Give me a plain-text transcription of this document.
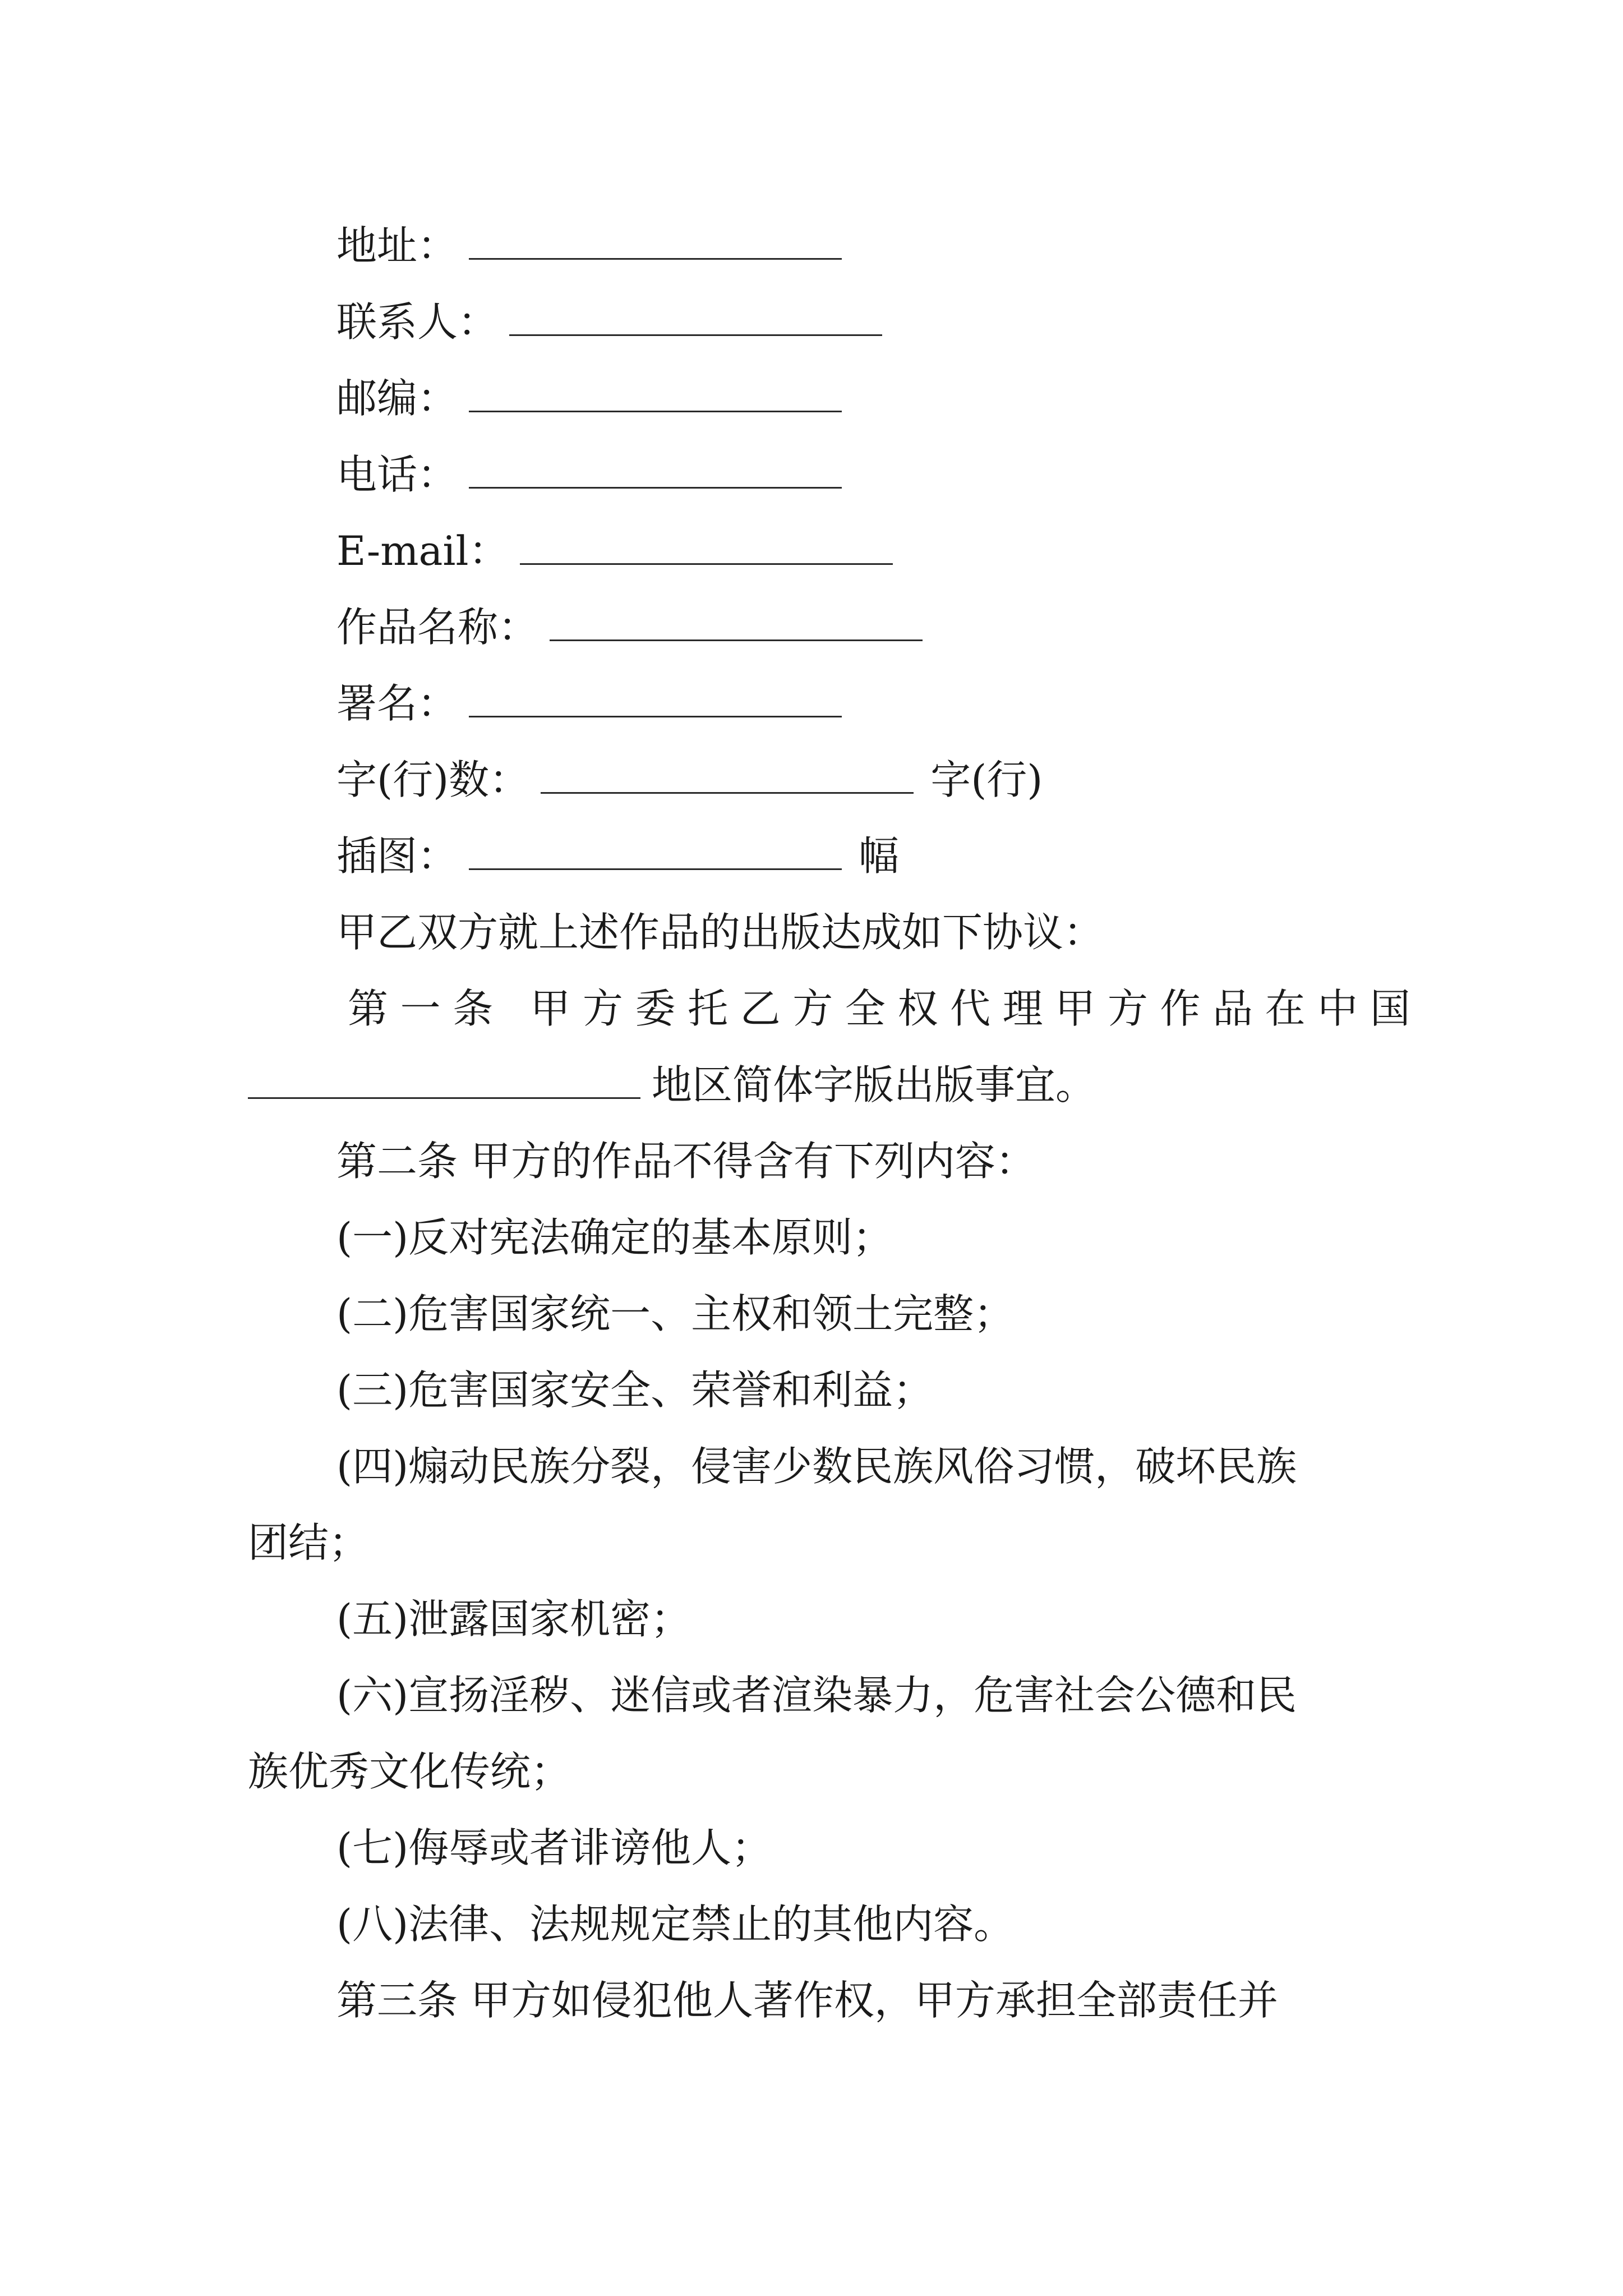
地址：
联系人：
邮编：
电话：
E-mail：
作品名称：
署名：
字(行)数：	字(行)
插图：	幅
甲乙双方就上述作品的出版达成如下协议：
第一条 甲方委托乙方全权代理甲方作品在中国
地区简体字版出版事宜。
第二条 甲方的作品不得含有下列内容：
(一)反对宪法确定的基本原则；
(二)危害国家统一、主权和领土完整；
(三)危害国家安全、荣誉和利益；
(四)煽动民族分裂，侵害少数民族风俗习惯，破坏民族
团结；
(五)泄露国家机密；
(六)宣扬淫秽、迷信或者渲染暴力，危害社会公德和民
族优秀文化传统；
(七)侮辱或者诽谤他人；
(八)法律、法规规定禁止的其他内容。
第三条 甲方如侵犯他人著作权，甲方承担全部责任并
